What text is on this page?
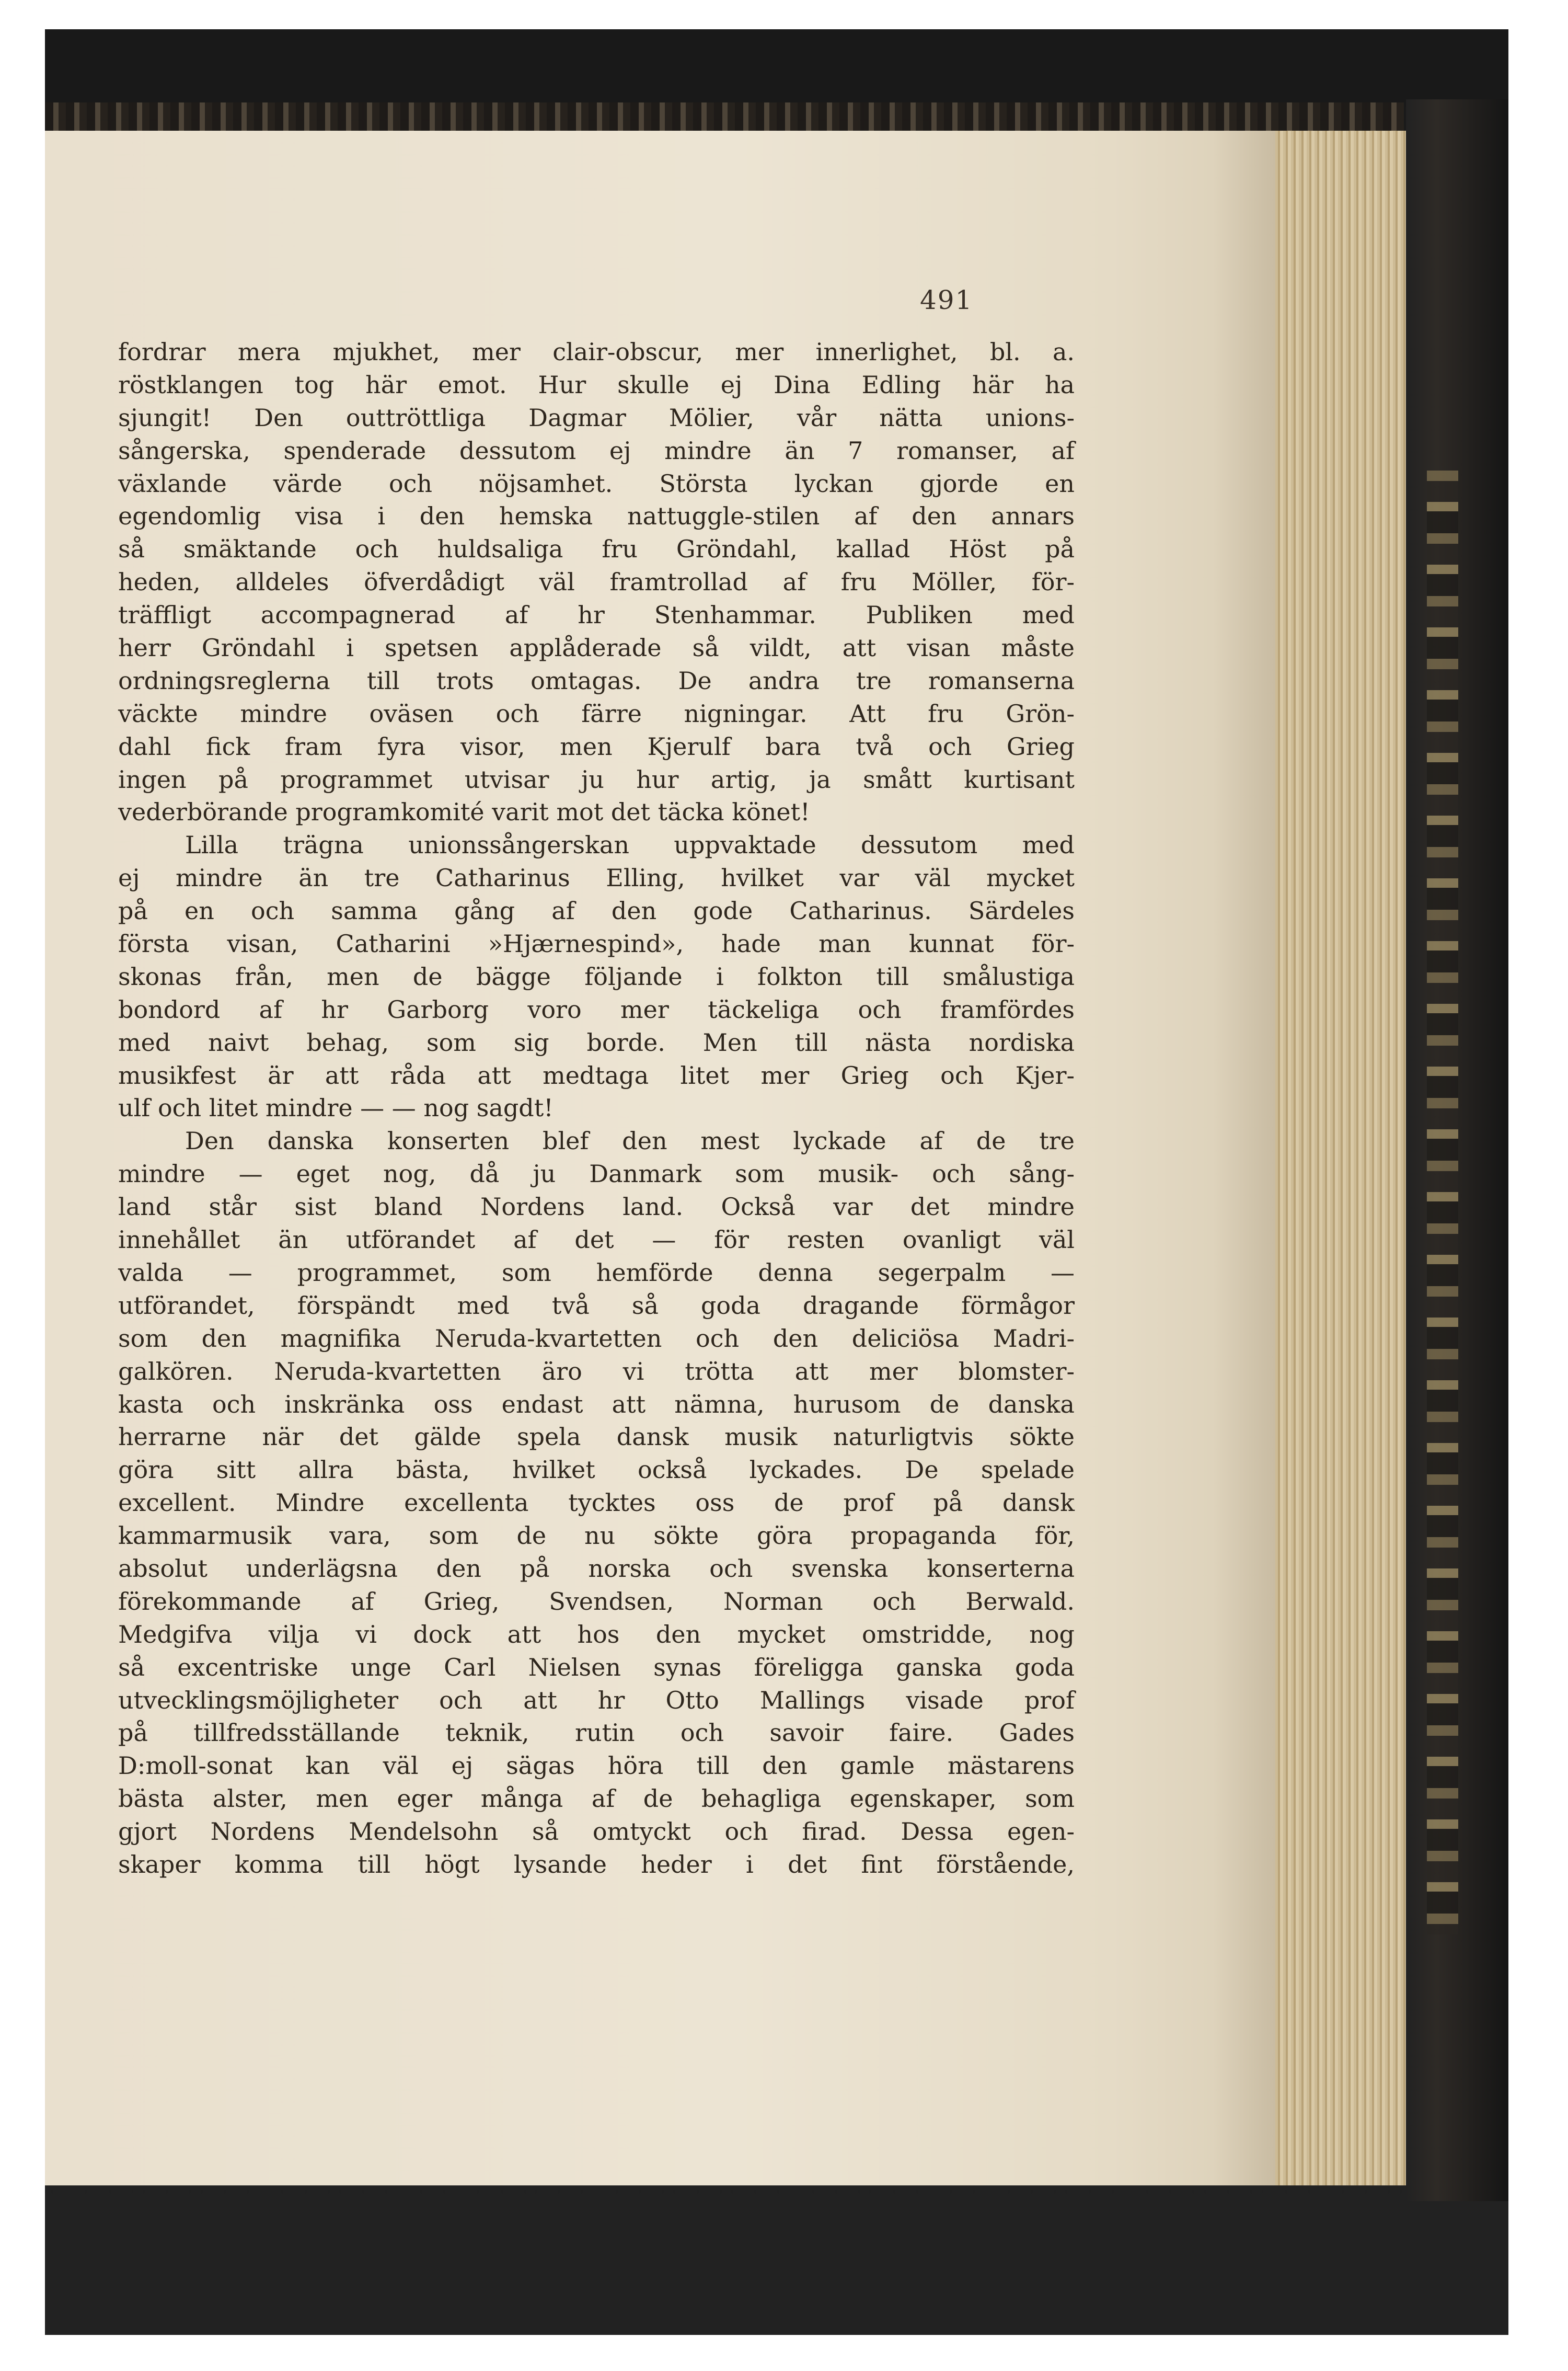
491
fordrar mera mjukhet, mer clair-obscur, mer innerlighet, bl. a.
röstklangen tog här emot. Hur skulle ej Dina Edling här ha
sjungit! Den outtröttliga Dagmar Mölier, vår nätta unions-
sångerska, spenderade dessutom ej mindre än 7 romanser, af
växlande värde och nöjsamhet. Största lyckan gjorde en
egendomlig visa i den hemska nattuggle-stilen af den annars
så smäktande och huldsaliga fru Gröndahl, kallad Höst på
heden, alldeles öfverdådigt väl framtrollad af fru Möller, för-
träffligt accompagnerad af hr Stenhammar. Publiken med
herr Gröndahl i spetsen applåderade så vildt, att visan måste
ordningsreglerna till trots omtagas. De andra tre romanserna
väckte mindre oväsen och färre nigningar. Att fru Grön-
dahl fick fram fyra visor, men Kjerulf bara två och Grieg
ingen på programmet utvisar ju hur artig, ja smått kurtisant
vederbörande programkomité varit mot det täcka könet!
Lilla trägna unionssångerskan uppvaktade dessutom med
ej mindre än tre Catharinus Elling, hvilket var väl mycket
på en och samma gång af den gode Catharinus. Särdeles
första visan, Catharini »Hjærnespind», hade man kunnat för-
skonas från, men de bägge följande i folkton till smålustiga
bondord af hr Garborg voro mer täckeliga och framfördes
med naivt behag, som sig borde. Men till nästa nordiska
musikfest är att råda att medtaga litet mer Grieg och Kjer-
ulf och litet mindre — — nog sagdt!
Den danska konserten blef den mest lyckade af de tre
mindre — eget nog, då ju Danmark som musik- och sång-
land står sist bland Nordens land. Också var det mindre
innehållet än utförandet af det — för resten ovanligt väl
valda — programmet, som hemförde denna segerpalm —
utförandet, förspändt med två så goda dragande förmågor
som den magnifika Neruda-kvartetten och den deliciösa Madri-
galkören. Neruda-kvartetten äro vi trötta att mer blomster-
kasta och inskränka oss endast att nämna, hurusom de danska
herrarne när det gälde spela dansk musik naturligtvis sökte
göra sitt allra bästa, hvilket också lyckades. De spelade
excellent. Mindre excellenta tycktes oss de prof på dansk
kammarmusik vara, som de nu sökte göra propaganda för,
absolut underlägsna den på norska och svenska konserterna
förekommande af Grieg, Svendsen, Norman och Berwald.
Medgifva vilja vi dock att hos den mycket omstridde, nog
så excentriske unge Carl Nielsen synas föreligga ganska goda
utvecklingsmöjligheter och att hr Otto Mallings visade prof
på tillfredsställande teknik, rutin och savoir faire. Gades
D:moll-sonat kan väl ej sägas höra till den gamle mästarens
bästa alster, men eger många af de behagliga egenskaper, som
gjort Nordens Mendelsohn så omtyckt och firad. Dessa egen-
skaper komma till högt lysande heder i det fint förstående,
